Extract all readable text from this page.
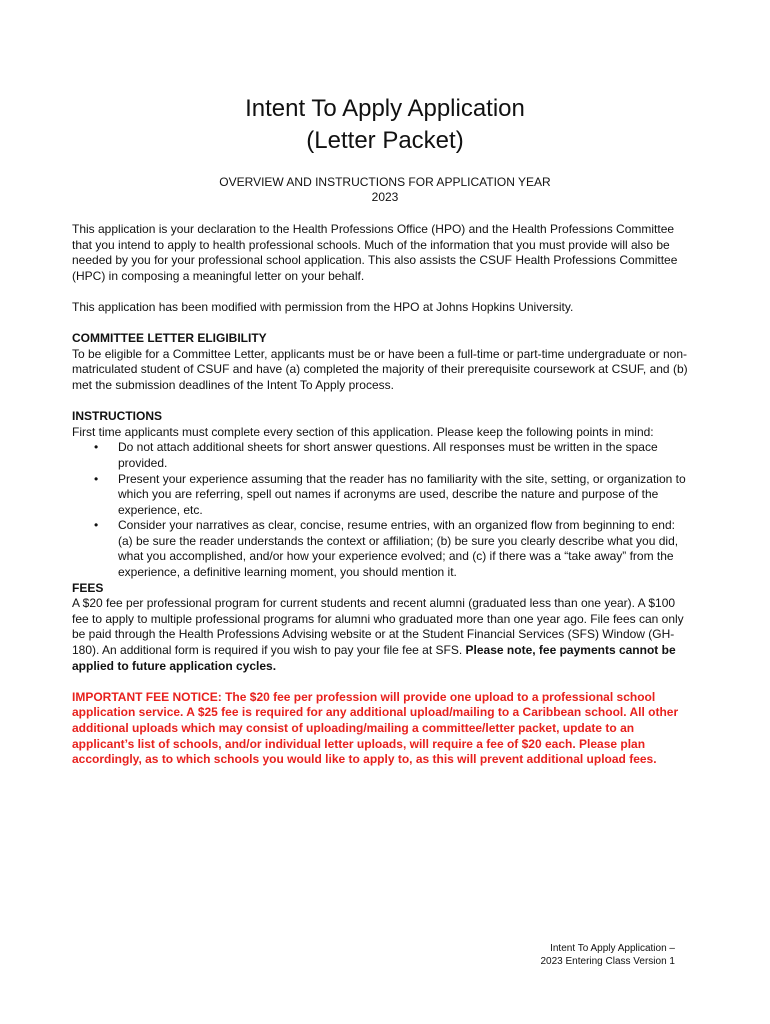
Intent To Apply Application
(Letter Packet)
OVERVIEW AND INSTRUCTIONS FOR APPLICATION YEAR
2023

This application is your declaration to the Health Professions Office (HPO) and the Health Professions Committee that you intend to apply to health professional schools. Much of the information that you must provide will also be needed by you for your professional school application. This also assists the CSUF Health Professions Committee (HPC) in composing a meaningful letter on your behalf.

This application has been modified with permission from the HPO at Johns Hopkins University.

COMMITTEE LETTER ELIGIBILITY

To be eligible for a Committee Letter, applicants must be or have been a full-time or part-time undergraduate or non-matriculated student of CSUF and have (a) completed the majority of their prerequisite coursework at CSUF, and (b) met the submission deadlines of the Intent To Apply process.

INSTRUCTIONS

First time applicants must complete every section of this application. Please keep the following points in mind:

• Do not attach additional sheets for short answer questions. All responses must be written in the space provided.
• Present your experience assuming that the reader has no familiarity with the site, setting, or organization to which you are referring, spell out names if acronyms are used, describe the nature and purpose of the experience, etc.
• Consider your narratives as clear, concise, resume entries, with an organized flow from beginning to end: (a) be sure the reader understands the context or affiliation; (b) be sure you clearly describe what you did, what you accomplished, and/or how your experience evolved; and (c) if there was a “take away” from the experience, a definitive learning moment, you should mention it.

FEES

A $20 fee per professional program for current students and recent alumni (graduated less than one year). A $100 fee to apply to multiple professional programs for alumni who graduated more than one year ago. File fees can only be paid through the Health Professions Advising website or at the Student Financial Services (SFS) Window (GH-180). An additional form is required if you wish to pay your file fee at SFS. Please note, fee payments cannot be applied to future application cycles.

IMPORTANT FEE NOTICE: The $20 fee per profession will provide one upload to a professional school application service. A $25 fee is required for any additional upload/mailing to a Caribbean school. All other additional uploads which may consist of uploading/mailing a committee/letter packet, update to an applicant’s list of schools, and/or individual letter uploads, will require a fee of $20 each. Please plan accordingly, as to which schools you would like to apply to, as this will prevent additional upload fees.

Intent To Apply Application –
2023 Entering Class Version 1
